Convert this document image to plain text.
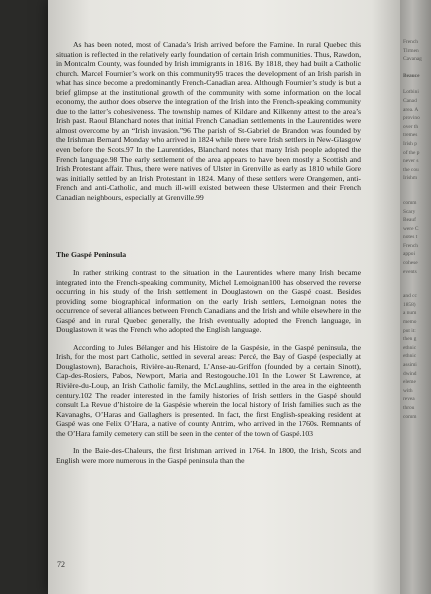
French
Tirmen
Cavanag
Beauce
Lotbini
Canad
area. A
provino
over th
tremes
Irish p
of the p
never s
the cou
Irishm
comm
Scary
Beauf
were C
notes t
French
appoi
cohese
events
and cc
1858)
a num
memo
put it:
then g
ethnic
ethnic
assimi
dwind
eleme
with
revea
throu
comm

As has been noted, most of Canada’s Irish arrived before the Famine. In rural Quebec this situation is reflected in the relatively early foundation of certain Irish communities. Thus, Rawdon, in Montcalm County, was founded by Irish immigrants in 1816. By 1818, they had built a Catholic church. Marcel Fournier’s work on this community95 traces the development of an Irish parish in what has since become a predominantly French-Canadian area. Although Fournier’s study is but a brief glimpse at the institutional growth of the community with some information on the local economy, the author does observe the integration of the Irish into the French-speaking community due to the latter’s cohesiveness. The township names of Kildare and Kilkenny attest to the area’s Irish past. Raoul Blanchard notes that initial French Canadian settlements in the Laurentides were almost overcome by an “Irish invasion.”96 The parish of St-Gabriel de Brandon was founded by the Irishman Bernard Monday who arrived in 1824 while there were Irish settlers in New-Glasgow even before the Scots.97 In the Laurentides, Blanchard notes that many Irish people adopted the French language.98 The early settlement of the area appears to have been mostly a Scottish and Irish Protestant affair. Thus, there were natives of Ulster in Grenville as early as 1810 while Gore was initially settled by an Irish Protestant in 1824. Many of these settlers were Orangemen, anti-French and anti-Catholic, and much ill-will existed between these Ulstermen and their French Canadian neighbours, especially at Grenville.99

The Gaspé Peninsula

In rather striking contrast to the situation in the Laurentides where many Irish became integrated into the French-speaking community, Michel Lemoignan100 has observed the reverse occurring in his study of the Irish settlement in Douglastown on the Gaspé coast. Besides providing some biographical information on the early Irish settlers, Lemoignan notes the occurrence of several alliances between French Canadians and the Irish and while elsewhere in the Gaspé and in rural Quebec generally, the Irish eventually adopted the French language, in Douglastown it was the French who adopted the English language.

According to Jules Bélanger and his Histoire de la Gaspésie, in the Gaspé peninsula, the Irish, for the most part Catholic, settled in several areas: Percé, the Bay of Gaspé (especially at Douglastown), Barachois, Rivière-au-Renard, L’Anse-au-Griffon (founded by a certain Sinott), Cap-des-Rosiers, Pabos, Newport, Maria and Restogouche.101 In the Lower St Lawrence, at Rivière-du-Loup, an Irish Catholic family, the McLaughlins, settled in the area in the eighteenth century.102 The reader interested in the family histories of Irish settlers in the Gaspé should consult La Revue d’histoire de la Gaspésie wherein the local history of Irish families such as the Kavanaghs, O’Haras and Gallaghers is presented. In fact, the first English-speaking resident at Gaspé was one Felix O’Hara, a native of county Antrim, who arrived in the 1760s. Remnants of the O’Hara family cemetery can still be seen in the center of the town of Gaspé.103

In the Baie-des-Chaleurs, the first Irishman arrived in 1764. In 1800, the Irish, Scots and English were more numerous in the Gaspé peninsula than the

72
